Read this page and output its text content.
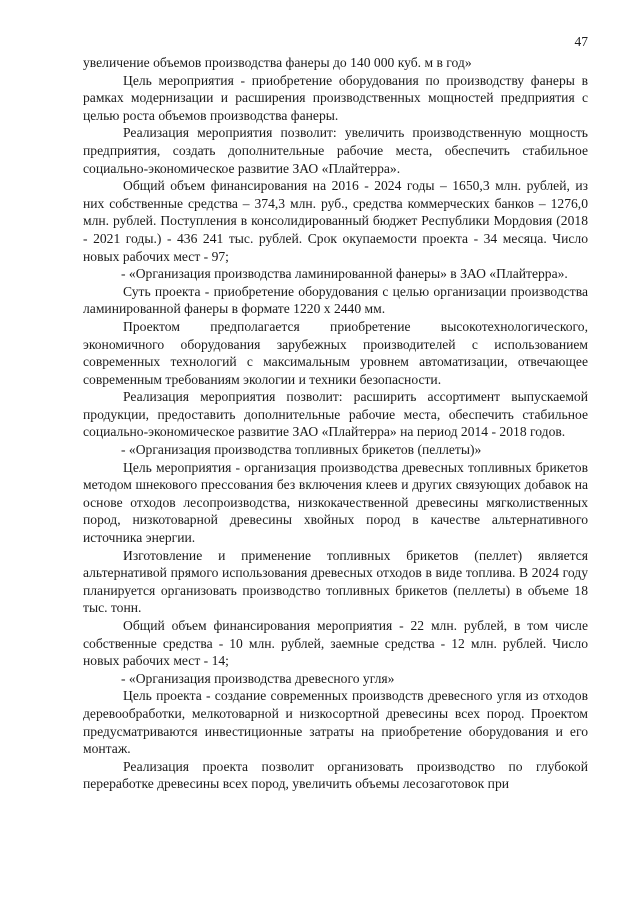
47

увеличение объемов производства фанеры до 140 000 куб. м в год»

Цель мероприятия - приобретение оборудования по производству фанеры в рамках модернизации и расширения производственных мощностей предприятия с целью роста объемов производства фанеры.

Реализация мероприятия позволит: увеличить производственную мощность предприятия, создать дополнительные рабочие места, обеспечить стабильное социально-экономическое развитие ЗАО «Плайтерра».

Общий объем финансирования на 2016 - 2024 годы – 1650,3 млн. рублей, из них собственные средства – 374,3 млн. руб., средства коммерческих банков – 1276,0 млн. рублей. Поступления в консолидированный бюджет Республики Мордовия (2018 - 2021 годы.) - 436 241 тыс. рублей. Срок окупаемости проекта - 34 месяца. Число новых рабочих мест - 97;

- «Организация производства ламинированной фанеры» в ЗАО «Плайтерра».

Суть проекта - приобретение оборудования с целью организации производства ламинированной фанеры в формате 1220 х 2440 мм.

Проектом предполагается приобретение высокотехнологического, экономичного оборудования зарубежных производителей с использованием современных технологий с максимальным уровнем автоматизации, отвечающее современным требованиям экологии и техники безопасности.

Реализация мероприятия позволит: расширить ассортимент выпускаемой продукции, предоставить дополнительные рабочие места, обеспечить стабильное социально-экономическое развитие ЗАО «Плайтерра» на период 2014 - 2018 годов.

- «Организация производства топливных брикетов (пеллеты)»

Цель мероприятия - организация производства древесных топливных брикетов методом шнекового прессования без включения клеев и других связующих добавок на основе отходов лесопроизводства, низкокачественной древесины мягколиственных пород, низкотоварной древесины хвойных пород в качестве альтернативного источника энергии.

Изготовление и применение топливных брикетов (пеллет) является альтернативой прямого использования древесных отходов в виде топлива. В 2024 году планируется организовать производство топливных брикетов (пеллеты) в объеме 18 тыс. тонн.

Общий объем финансирования мероприятия - 22 млн. рублей, в том числе собственные средства - 10 млн. рублей, заемные средства - 12 млн. рублей. Число новых рабочих мест - 14;

- «Организация производства древесного угля»

Цель проекта - создание современных производств древесного угля из отходов деревообработки, мелкотоварной и низкосортной древесины всех пород. Проектом предусматриваются инвестиционные затраты на приобретение оборудования и его монтаж.

Реализация проекта позволит организовать производство по глубокой переработке древесины всех пород, увеличить объемы лесозаготовок при
